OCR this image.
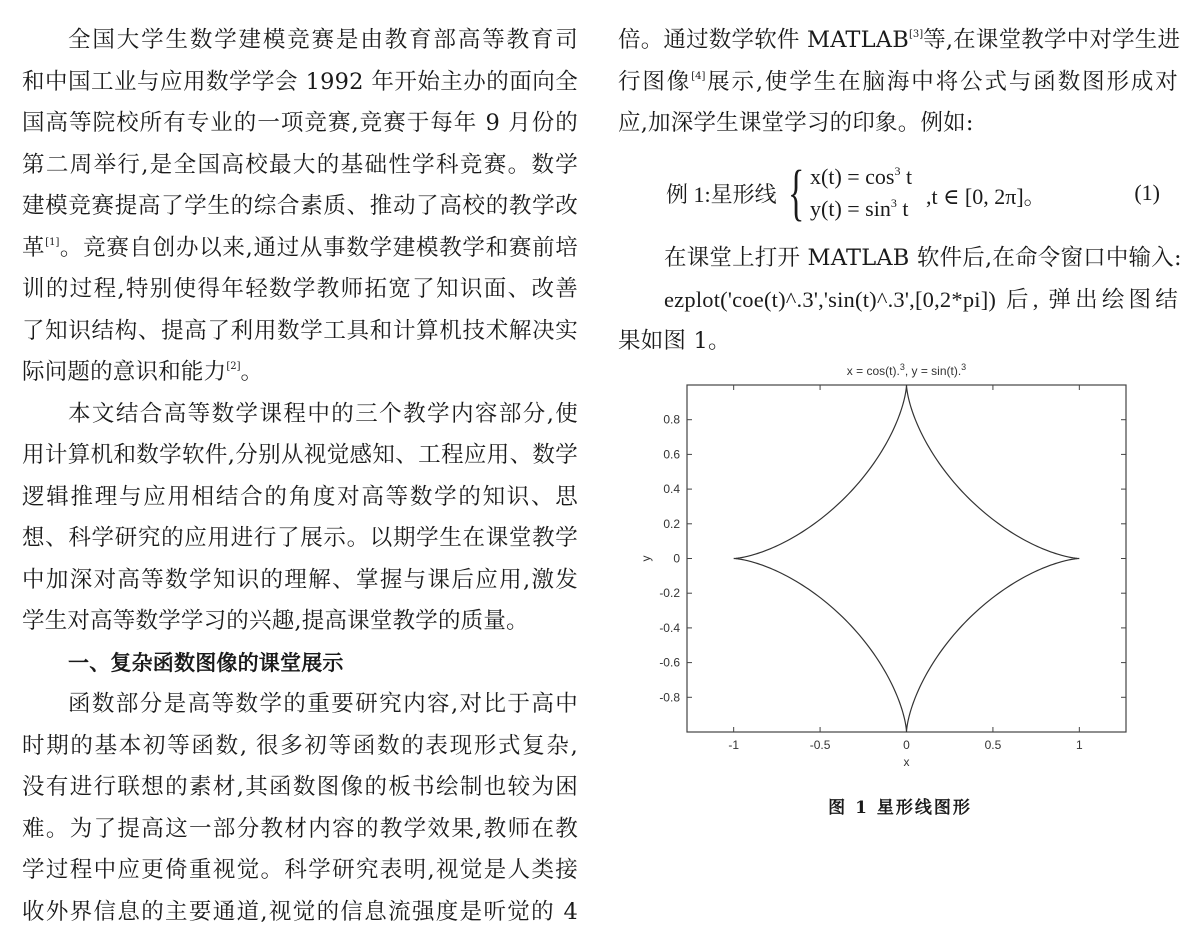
全国大学生数学建模竞赛是由教育部高等教育司
和中国工业与应用数学学会 1992 年开始主办的面向全
国高等院校所有专业的一项竞赛,竞赛于每年 9 月份的
第二周举行,是全国高校最大的基础性学科竞赛。数学
建模竞赛提高了学生的综合素质、推动了高校的教学改
革[1]。竞赛自创办以来,通过从事数学建模教学和赛前培
训的过程,特别使得年轻数学教师拓宽了知识面、改善
了知识结构、提高了利用数学工具和计算机技术解决实
际问题的意识和能力[2]。
本文结合高等数学课程中的三个教学内容部分,使
用计算机和数学软件,分别从视觉感知、工程应用、数学
逻辑推理与应用相结合的角度对高等数学的知识、思
想、科学研究的应用进行了展示。以期学生在课堂教学
中加深对高等数学知识的理解、掌握与课后应用,激发
学生对高等数学学习的兴趣,提高课堂教学的质量。
一、复杂函数图像的课堂展示
函数部分是高等数学的重要研究内容,对比于高中
时期的基本初等函数, 很多初等函数的表现形式复杂,
没有进行联想的素材,其函数图像的板书绘制也较为困
难。为了提高这一部分教材内容的教学效果,教师在教
学过程中应更倚重视觉。科学研究表明,视觉是人类接
收外界信息的主要通道,视觉的信息流强度是听觉的 4
例 1:星形线 { $x(t) = \cos^3 t$
$y(t) = \sin^3 t$ ,t ∈ [0, 2π]。	(1)
倍。通过数学软件 MATLAB[3]等,在课堂教学中对学生进
行图像[4]展示,使学生在脑海中将公式与函数图形成对
应,加深学生课堂学习的印象。例如:
在课堂上打开 MATLAB 软件后,在命令窗口中输入:
ezplot('coe(t)^.3','sin(t)^.3',[0,2*pi]) 后, 弹出绘图结
果如图 1。
-1	-0.5	0	0.5	1
-0.8
-0.6
-0.4
-0.2
0
0.2
0.4
0.6
0.8
x
y
x = cos(t).$^3$, y = sin(t).$^3$
图 1 星形线图形
